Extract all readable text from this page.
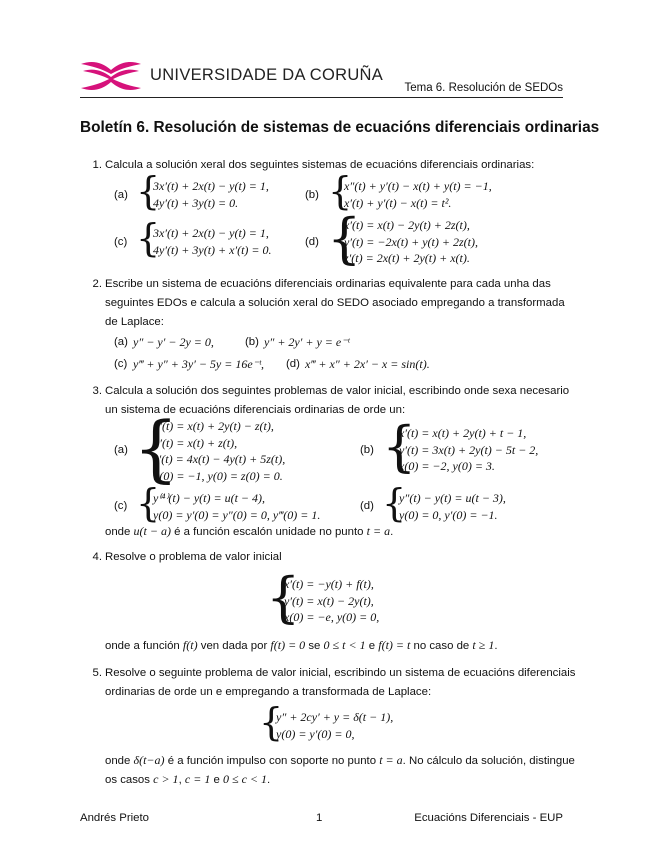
UNIVERSIDADE DA CORUÑA
Tema 6. Resolución de SEDOs
Boletín 6. Resolución de sistemas de ecuacións diferenciais ordinarias
1. Calcula a solución xeral dos seguintes sistemas de ecuacións diferenciais ordinarias:
(a) {
3x′(t) + 2x(t) − y(t) = 1,
4y′(t) + 3y(t) = 0.
(b) {
x″(t) + y′(t) − x(t) + y(t) = −1,
x′(t) + y′(t) − x(t) = t².
(c) {
3x′(t) + 2x(t) − y(t) = 1,
4y′(t) + 3y(t) + x′(t) = 0.
(d) {
x′(t) = x(t) − 2y(t) + 2z(t),
y′(t) = −2x(t) + y(t) + 2z(t),
z′(t) = 2x(t) + 2y(t) + x(t).
2. Escribe un sistema de ecuacións diferenciais ordinarias equivalente para cada unha das
seguintes EDOs e calcula a solución xeral do SEDO asociado empregando a transformada
de Laplace:
(a) y″ − y′ − 2y = 0,	(b) y″ + 2y′ + y = e⁻ᵗ
(c) y‴ + y″ + 3y′ − 5y = 16e⁻ᵗ, (d) x‴ + x″ + 2x′ − x = sin(t).
3. Calcula a solución dos seguintes problemas de valor inicial, escribindo onde sexa necesario
un sistema de ecuacións diferenciais ordinarias de orde un:
(a) {
x′(t) = x(t) + 2y(t) − z(t),
y′(t) = x(t) + z(t),
z′(t) = 4x(t) − 4y(t) + 5z(t),
x(0) = −1, y(0) = z(0) = 0.
(b) {
x′(t) = x(t) + 2y(t) + t − 1,
y′(t) = 3x(t) + 2y(t) − 5t − 2,
x(0) = −2, y(0) = 3.
(c) {
y⁽⁴⁾(t) − y(t) = u(t − 4),
y(0) = y′(0) = y″(0) = 0, y‴(0) = 1.
(d) {
y″(t) − y(t) = u(t − 3),
y(0) = 0, y′(0) = −1.
onde u(t − a) é a función escalón unidade no punto t = a.
4. Resolve o problema de valor inicial
{
x′(t) = −y(t) + f(t),
y′(t) = x(t) − 2y(t),
x(0) = −e, y(0) = 0,
onde a función f(t) ven dada por f(t) = 0 se 0 ≤ t < 1 e f(t) = t no caso de t ≥ 1.
5. Resolve o seguinte problema de valor inicial, escribindo un sistema de ecuacións diferenciais
ordinarias de orde un e empregando a transformada de Laplace:
{
y″ + 2cy′ + y = δ(t − 1),
y(0) = y′(0) = 0,
onde δ(t−a) é a función impulso con soporte no punto t = a. No cálculo da solución, distingue
os casos c > 1, c = 1 e 0 ≤ c < 1.
Andrés Prieto	1	Ecuacións Diferenciais - EUP
